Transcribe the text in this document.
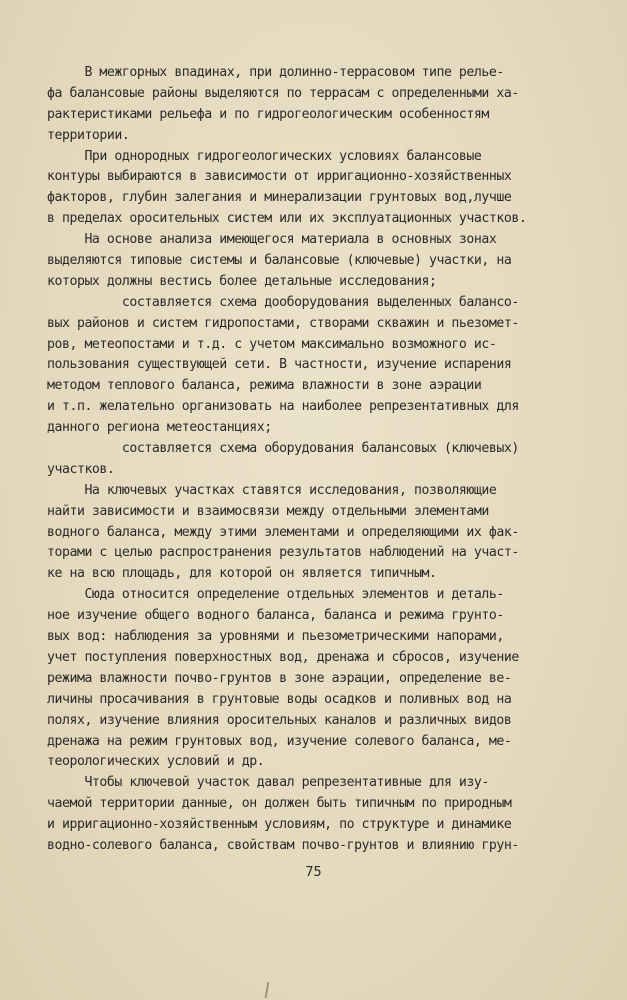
В межгорных впадинах, при долинно-террасовом типе релье-
фа балансовые районы выделяются по террасам с определенными ха-
рактеристиками рельефа и по гидрогеологическим особенностям
территории.
При однородных гидрогеологических условиях балансовые
контуры выбираются в зависимости от ирригационно-хозяйственных
факторов, глубин залегания и минерализации грунтовых вод,лучше
в пределах оросительных систем или их эксплуатационных участков.
На основе анализа имеющегося материала в основных зонах
выделяются типовые системы и балансовые (ключевые) участки, на
которых должны вестись более детальные исследования;
составляется схема дооборудования выделенных балансо-
вых районов и систем гидропостами, створами скважин и пьезомет-
ров, метеопостами и т.д. с учетом максимально возможного ис-
пользования существующей сети. В частности, изучение испарения
методом теплового баланса, режима влажности в зоне аэрации
и т.п. желательно организовать на наиболее репрезентативных для
данного региона метеостанциях;
составляется схема оборудования балансовых (ключевых)
участков.
На ключевых участках ставятся исследования, позволяющие
найти зависимости и взаимосвязи между отдельными элементами
водного баланса, между этими элементами и определяющими их фак-
торами с целью распространения результатов наблюдений на участ-
ке на всю площадь, для которой он является типичным.
Сюда относится определение отдельных элементов и деталь-
ное изучение общего водного баланса, баланса и режима грунто-
вых вод: наблюдения за уровнями и пьезометрическими напорами,
учет поступления поверхностных вод, дренажа и сбросов, изучение
режима влажности почво-грунтов в зоне аэрации, определение ве-
личины просачивания в грунтовые воды осадков и поливных вод на
полях, изучение влияния оросительных каналов и различных видов
дренажа на режим грунтовых вод, изучение солевого баланса, ме-
теорологических условий и др.
Чтобы ключевой участок давал репрезентативные для изу-
чаемой территории данные, он должен быть типичным по природным
и ирригационно-хозяйственным условиям, по структуре и динамике
водно-солевого баланса, свойствам почво-грунтов и влиянию грун-
75
